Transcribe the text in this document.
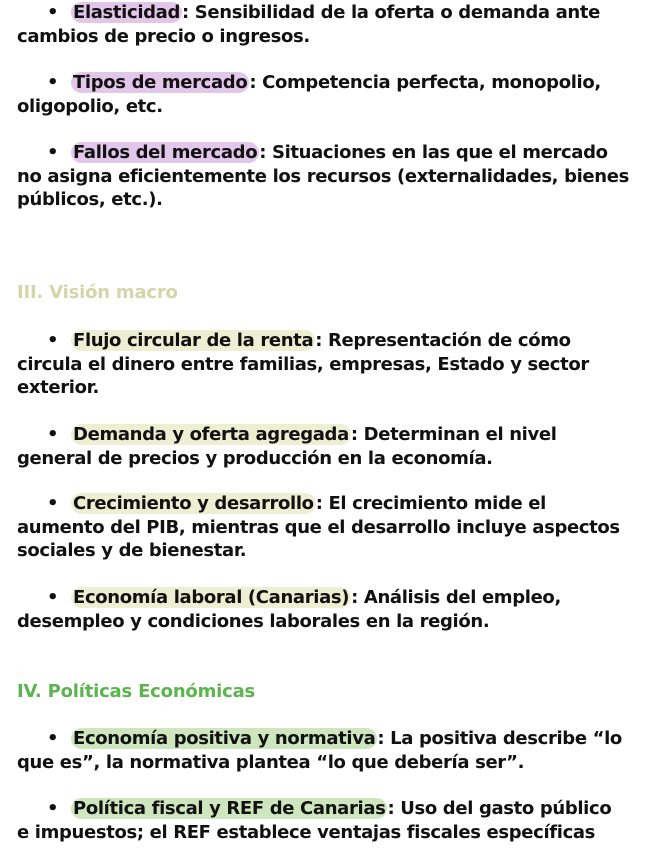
• Elasticidad : Sensibilidad de la oferta o demanda ante cambios de precio o ingresos.
• Tipos de mercado : Competencia perfecta, monopolio, oligopolio, etc.
• Fallos del mercado : Situaciones en las que el mercado no asigna eficientemente los recursos (externalidades, bienes públicos, etc.).
III. Visión macro
• Flujo circular de la renta : Representación de cómo circula el dinero entre familias, empresas, Estado y sector exterior.
• Demanda y oferta agregada : Determinan el nivel general de precios y producción en la economía.
• Crecimiento y desarrollo : El crecimiento mide el aumento del PIB, mientras que el desarrollo incluye aspectos sociales y de bienestar.
• Economía laboral (Canarias) : Análisis del empleo, desempleo y condiciones laborales en la región.
IV. Políticas Económicas
• Economía positiva y normativa : La positiva describe “lo que es”, la normativa plantea “lo que debería ser”.
• Política fiscal y REF de Canarias : Uso del gasto público e impuestos; el REF establece ventajas fiscales específicas
